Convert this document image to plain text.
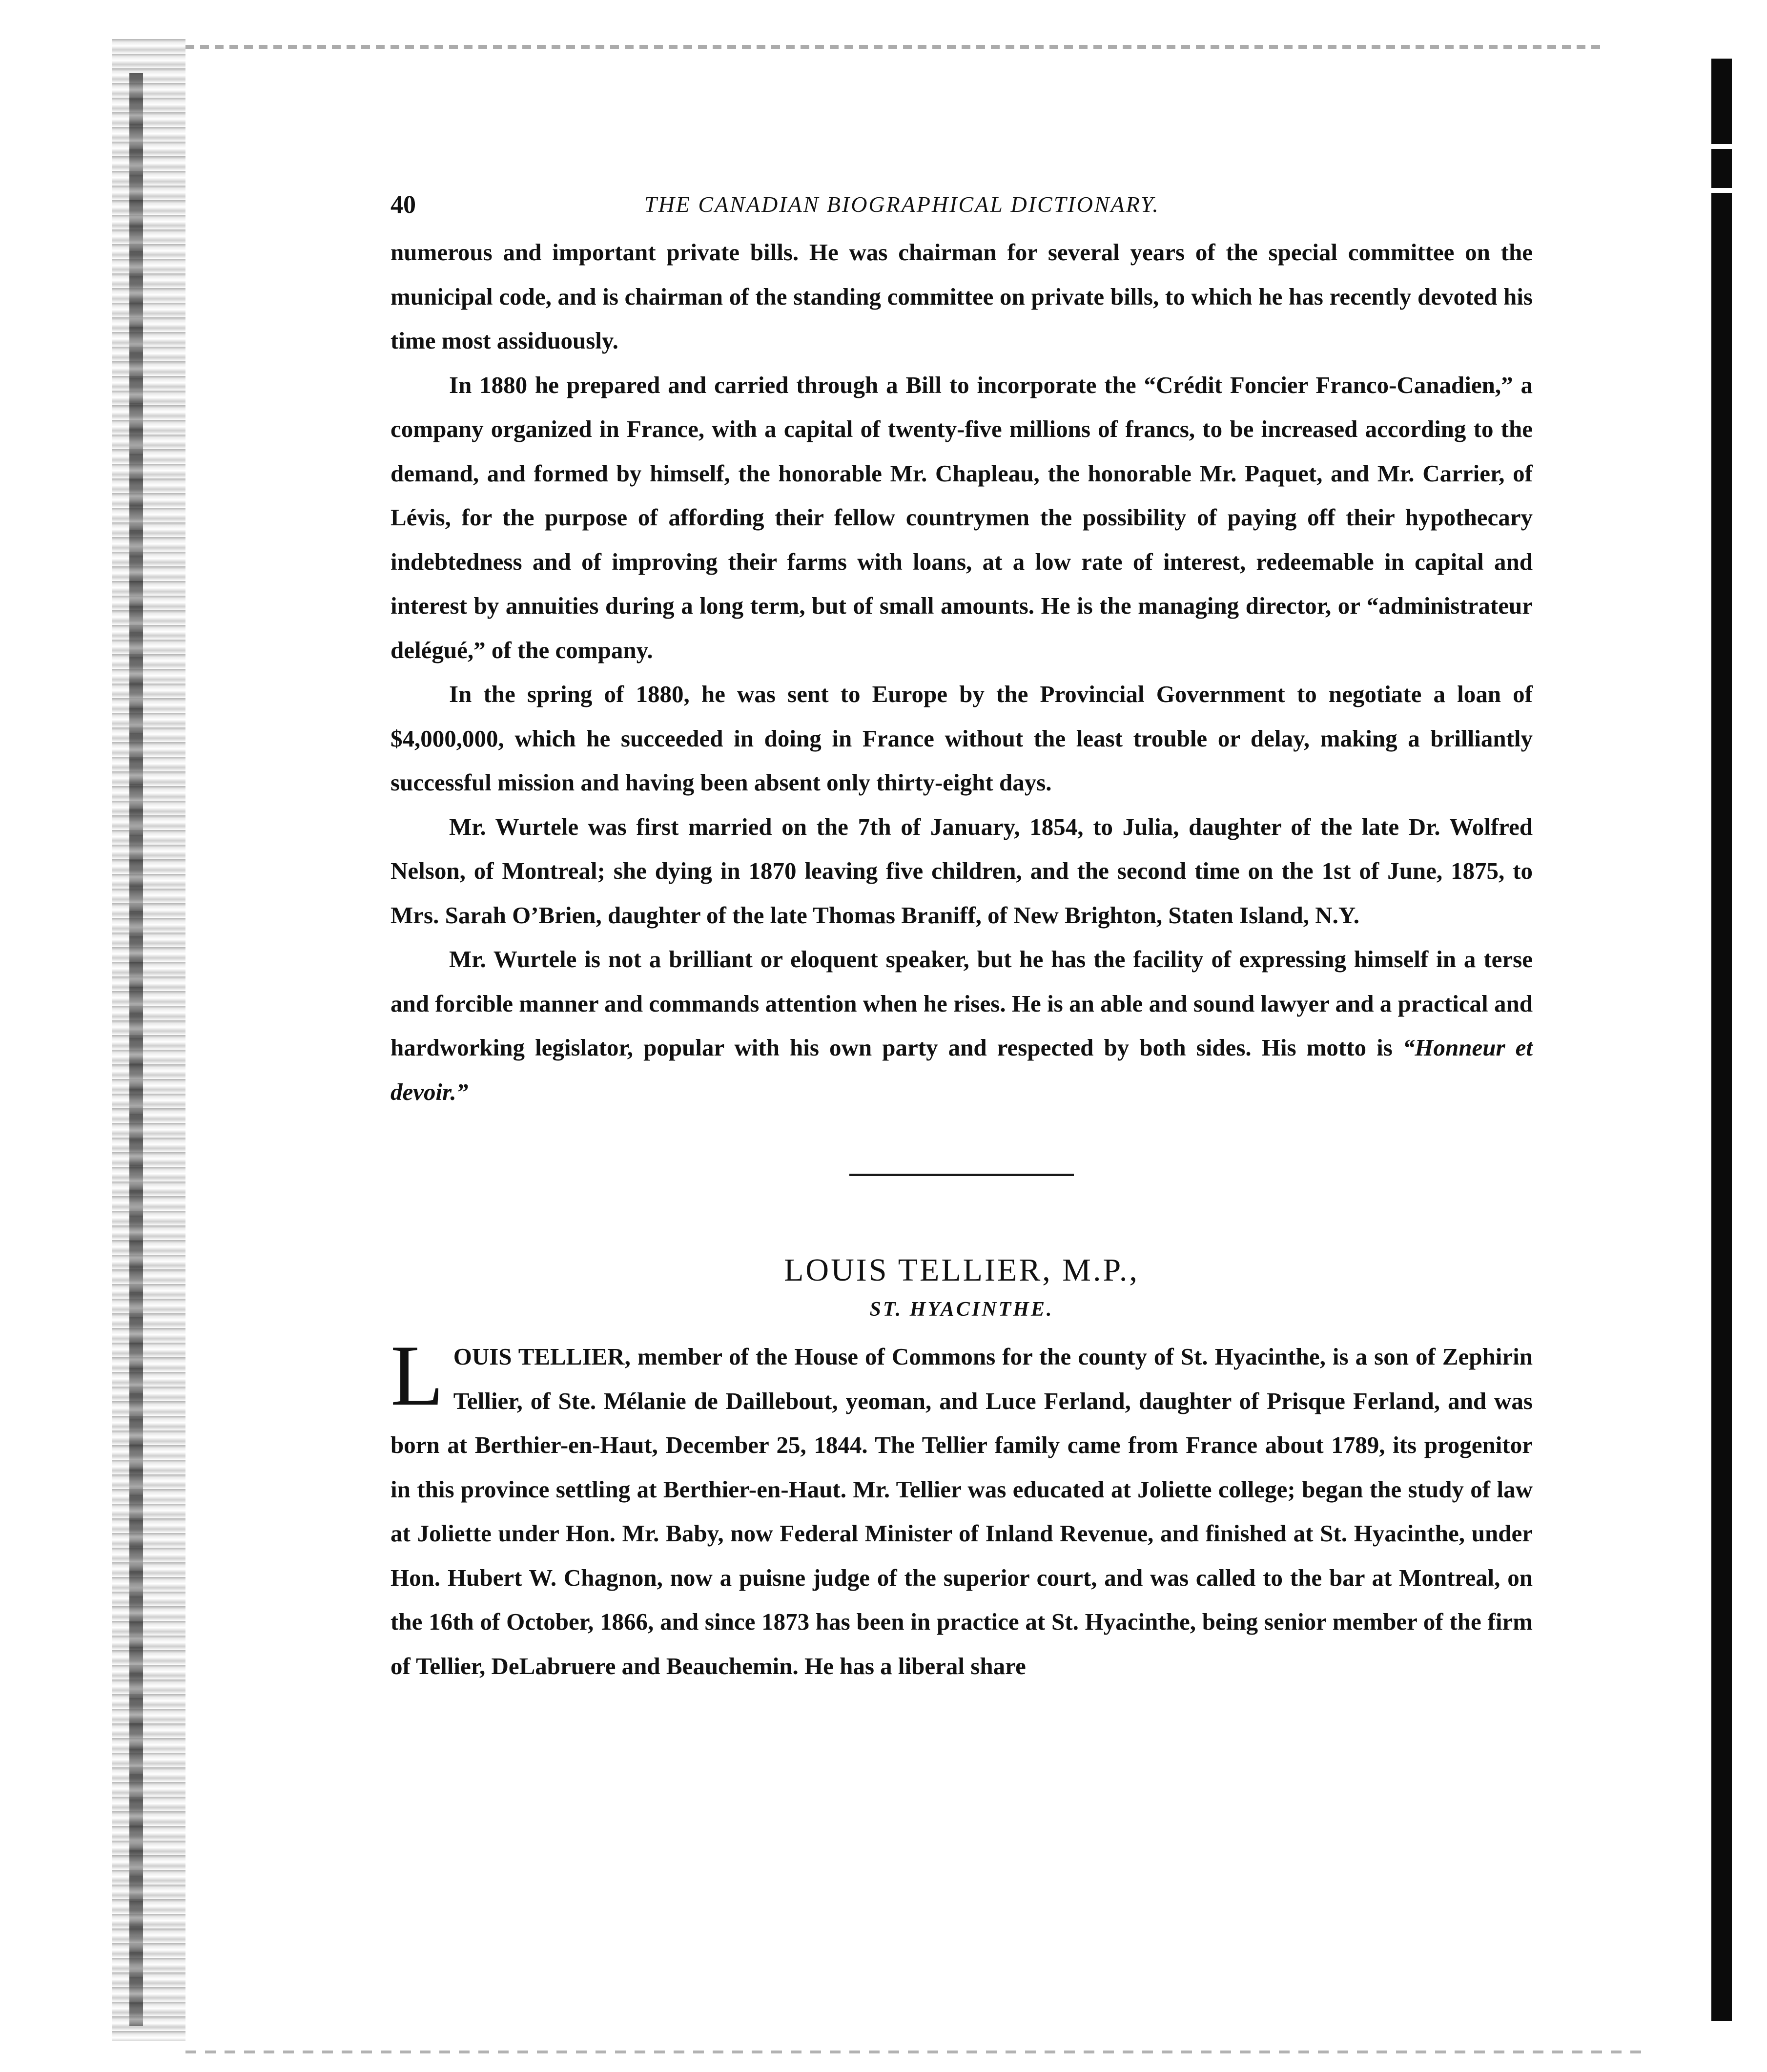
40	THE CANADIAN BIOGRAPHICAL DICTIONARY.

numerous and important private bills. He was chairman for several years of the special committee on the municipal code, and is chairman of the standing committee on private bills, to which he has recently devoted his time most assiduously.

In 1880 he prepared and carried through a Bill to incorporate the “Crédit Foncier Franco-Canadien,” a company organized in France, with a capital of twenty-five millions of francs, to be increased according to the demand, and formed by himself, the honorable Mr. Chapleau, the honorable Mr. Paquet, and Mr. Carrier, of Lévis, for the purpose of affording their fellow countrymen the possibility of paying off their hypothecary indebtedness and of improving their farms with loans, at a low rate of interest, redeemable in capital and interest by annuities during a long term, but of small amounts. He is the managing director, or “administrateur delégué,” of the company.

In the spring of 1880, he was sent to Europe by the Provincial Government to negotiate a loan of $4,000,000, which he succeeded in doing in France without the least trouble or delay, making a brilliantly successful mission and having been absent only thirty-eight days.

Mr. Wurtele was first married on the 7th of January, 1854, to Julia, daughter of the late Dr. Wolfred Nelson, of Montreal; she dying in 1870 leaving five children, and the second time on the 1st of June, 1875, to Mrs. Sarah O’Brien, daughter of the late Thomas Braniff, of New Brighton, Staten Island, N.Y.

Mr. Wurtele is not a brilliant or eloquent speaker, but he has the facility of expressing himself in a terse and forcible manner and commands attention when he rises. He is an able and sound lawyer and a practical and hardworking legislator, popular with his own party and respected by both sides. His motto is “Honneur et devoir.”

LOUIS TELLIER, M.P.,
ST. HYACINTHE.
LOUIS TELLIER, member of the House of Commons for the county of St. Hyacinthe, is a son of Zephirin Tellier, of Ste. Mélanie de Daillebout, yeoman, and Luce Ferland, daughter of Prisque Ferland, and was born at Berthier-en-Haut, December 25, 1844. The Tellier family came from France about 1789, its progenitor in this province settling at Berthier-en-Haut. Mr. Tellier was educated at Joliette college; began the study of law at Joliette under Hon. Mr. Baby, now Federal Minister of Inland Revenue, and finished at St. Hyacinthe, under Hon. Hubert W. Chagnon, now a puisne judge of the superior court, and was called to the bar at Montreal, on the 16th of October, 1866, and since 1873 has been in practice at St. Hyacinthe, being senior member of the firm of Tellier, DeLabruere and Beauchemin. He has a liberal share
